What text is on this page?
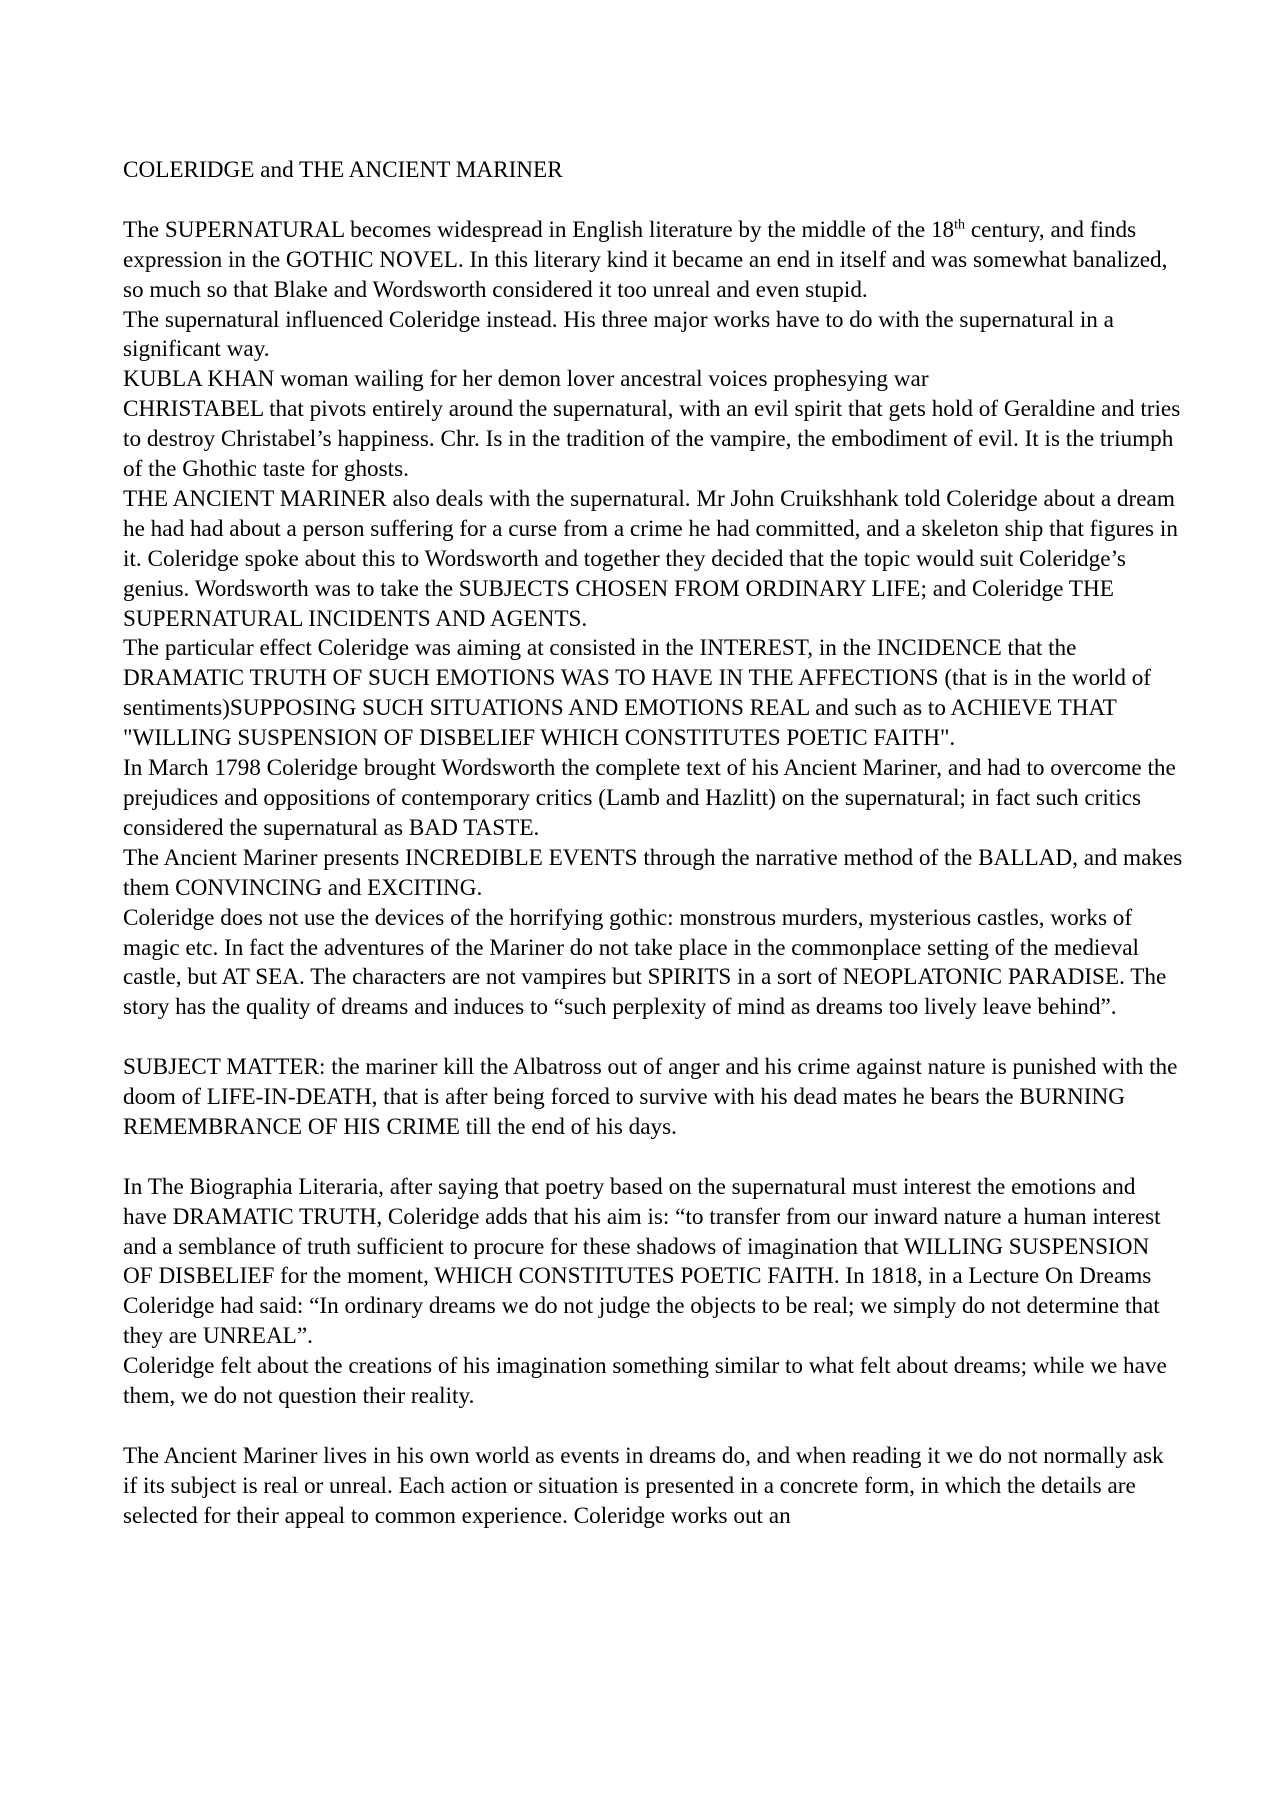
COLERIDGE and THE ANCIENT MARINER

The SUPERNATURAL becomes widespread in English literature by the middle of the 18th century, and finds expression in the GOTHIC NOVEL. In this literary kind it became an end in itself and was somewhat banalized, so much so that Blake and Wordsworth considered it too unreal and even stupid.

The supernatural influenced Coleridge instead. His three major works have to do with the supernatural in a significant way.

KUBLA KHAN woman wailing for her demon lover ancestral voices prophesying war

CHRISTABEL that pivots entirely around the supernatural, with an evil spirit that gets hold of Geraldine and tries to destroy Christabel’s happiness. Chr. Is in the tradition of the vampire, the embodiment of evil. It is the triumph of the Ghothic taste for ghosts.

THE ANCIENT MARINER also deals with the supernatural. Mr John Cruikshhank told Coleridge about a dream he had had about a person suffering for a curse from a crime he had committed, and a skeleton ship that figures in it. Coleridge spoke about this to Wordsworth and together they decided that the topic would suit Coleridge’s genius. Wordsworth was to take the SUBJECTS CHOSEN FROM ORDINARY LIFE; and Coleridge THE SUPERNATURAL INCIDENTS AND AGENTS.

The particular effect Coleridge was aiming at consisted in the INTEREST, in the INCIDENCE that the DRAMATIC TRUTH OF SUCH EMOTIONS WAS TO HAVE IN THE AFFECTIONS (that is in the world of sentiments)SUPPOSING SUCH SITUATIONS AND EMOTIONS REAL and such as to ACHIEVE THAT "WILLING SUSPENSION OF DISBELIEF WHICH CONSTITUTES POETIC FAITH".

In March 1798 Coleridge brought Wordsworth the complete text of his Ancient Mariner, and had to overcome the prejudices and oppositions of contemporary critics (Lamb and Hazlitt) on the supernatural; in fact such critics considered the supernatural as BAD TASTE.

The Ancient Mariner presents INCREDIBLE EVENTS through the narrative method of the BALLAD, and makes them CONVINCING and EXCITING.

Coleridge does not use the devices of the horrifying gothic: monstrous murders, mysterious castles, works of magic etc. In fact the adventures of the Mariner do not take place in the commonplace setting of the medieval castle, but AT SEA. The characters are not vampires but SPIRITS in a sort of NEOPLATONIC PARADISE. The story has the quality of dreams and induces to “such perplexity of mind as dreams too lively leave behind”.

SUBJECT MATTER: the mariner kill the Albatross out of anger and his crime against nature is punished with the doom of LIFE-IN-DEATH, that is after being forced to survive with his dead mates he bears the BURNING REMEMBRANCE OF HIS CRIME till the end of his days.

In The Biographia Literaria, after saying that poetry based on the supernatural must interest the emotions and have DRAMATIC TRUTH, Coleridge adds that his aim is: “to transfer from our inward nature a human interest and a semblance of truth sufficient to procure for these shadows of imagination that WILLING SUSPENSION OF DISBELIEF for the moment, WHICH CONSTITUTES POETIC FAITH. In 1818, in a Lecture On Dreams Coleridge had said: “In ordinary dreams we do not judge the objects to be real; we simply do not determine that they are UNREAL”.

Coleridge felt about the creations of his imagination something similar to what felt about dreams; while we have them, we do not question their reality.

The Ancient Mariner lives in his own world as events in dreams do, and when reading it we do not normally ask if its subject is real or unreal. Each action or situation is presented in a concrete form, in which the details are selected for their appeal to common experience. Coleridge works out an
